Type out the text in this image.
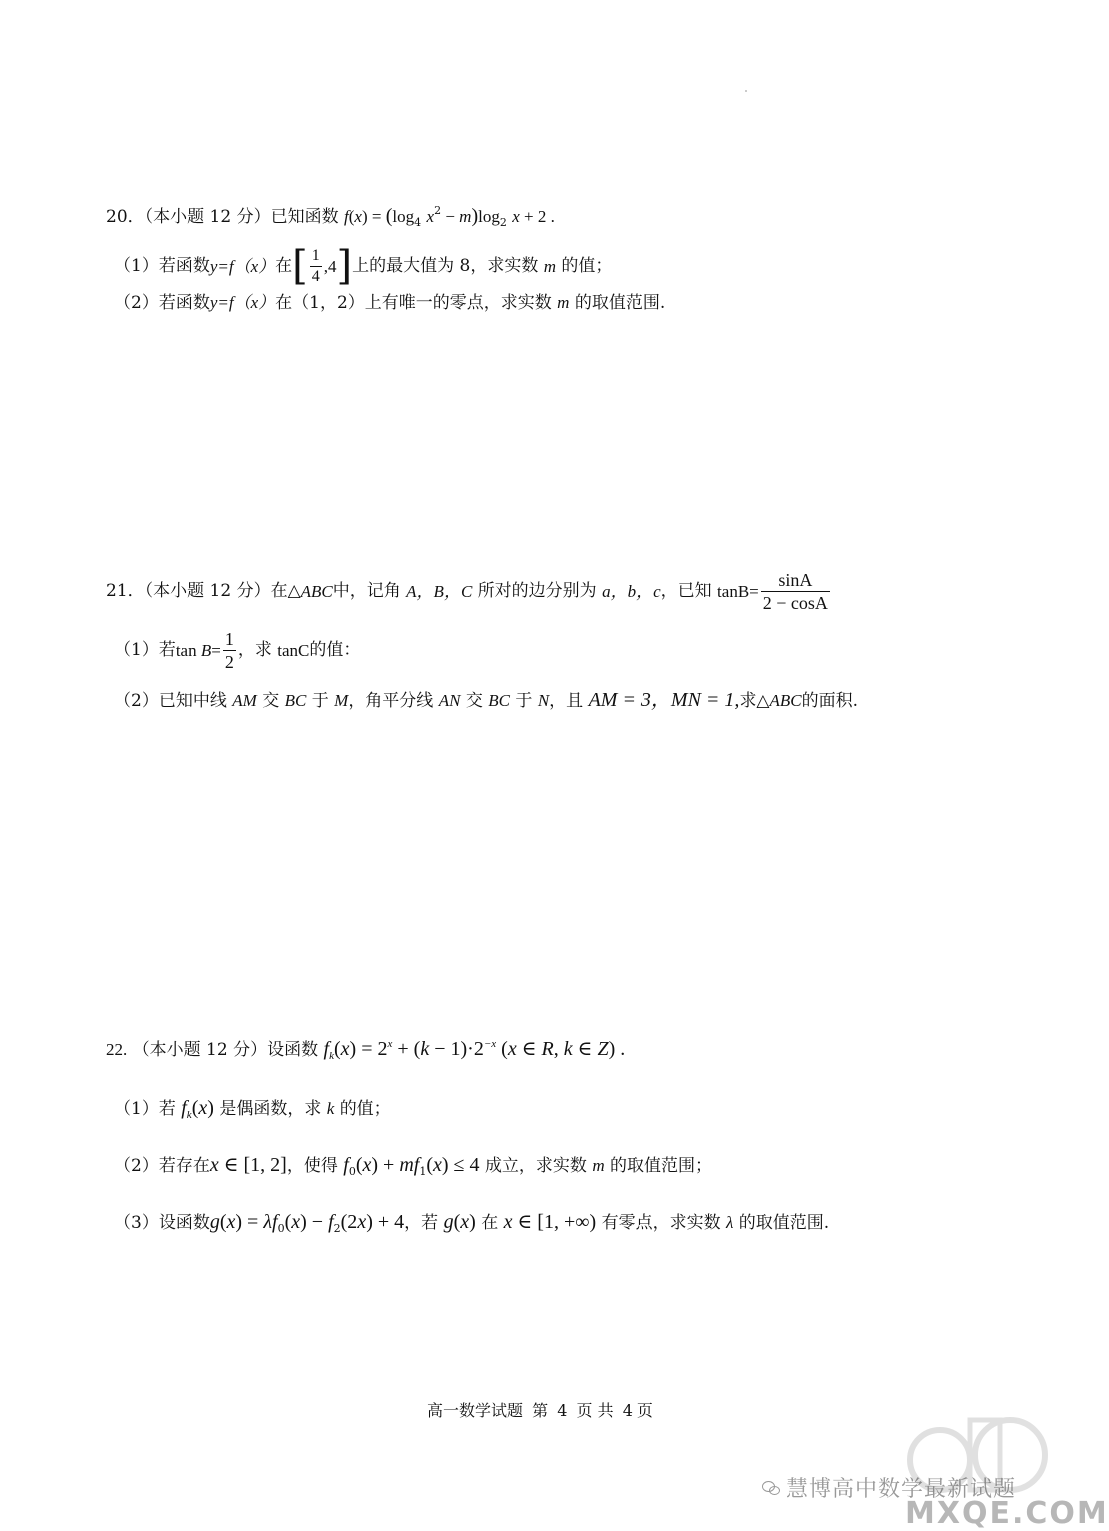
20．（本小题 12 分）已知函数 $f(x) = (\log_4$ $x^2 - m)\log_2$ x + 2 .
（1）若函数 y=f（x） 在 [ $\frac{1}{4} ,4$ ] 上的最大值为 8，求实数
m
的值；
（2）若函数y=f（x）在（1，2）上有唯一的零点，求实数 m 的取值范围.
21 ．（本小题 12 分）在△ ABC 中，记角
A，B，C
所对的边分别为
a，b，c ，已知
$\tan B = \frac{\sin A}{2 - \cos A}$
（1）若 $\tan B = \frac{1}{2}$ ，求
tanC 的值：
（2）已知中线 AM 交 BC 于 M，角平分线 AN 交 BC 于 N，且 AM = 3，MN = 1,求△ABC的面积.
22. （本小题 12 分）设函数 $f_k(x) = 2^x + (k - 1)\cdot 2^{-x}$ (x ∈ R, k ∈ Z) .
（1）若 $f_k(x)$ 是偶函数，求 k 的值；
（2）若存在x ∈ [1, 2]，使得 $f_0(x) + mf_1(x) \le 4$ 成立，求实数 m 的取值范围；
（3）设函数$g(x) = \lambda f_0(x) - f_2(2x) + 4$，若 g(x) 在 x ∈ [1, +∞) 有零点，求实数 λ 的取值范围.
高一数学试题 第 4 页 共 4 页
慧博高中数学最新试题
MXQE.COM
